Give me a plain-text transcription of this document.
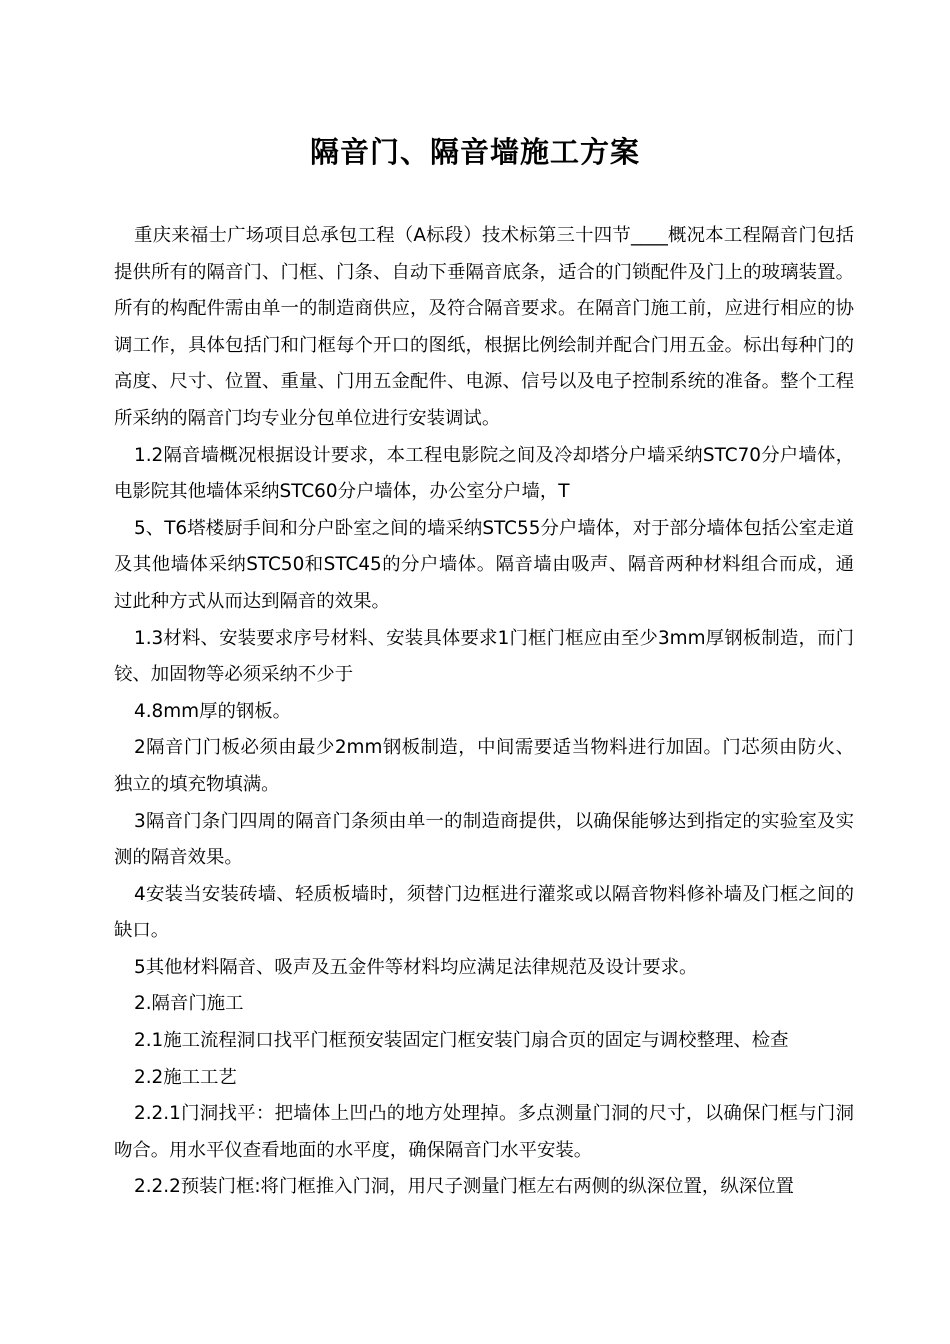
隔音门、隔音墙施工方案

重庆来福士广场项目总承包工程（A标段）技术标第三十四节____概况本工程隔音门包括提供所有的隔音门、门框、门条、自动下垂隔音底条，适合的门锁配件及门上的玻璃装置。所有的构配件需由单一的制造商供应，及符合隔音要求。在隔音门施工前，应进行相应的协调工作，具体包括门和门框每个开口的图纸，根据比例绘制并配合门用五金。标出每种门的高度、尺寸、位置、重量、门用五金配件、电源、信号以及电子控制系统的准备。整个工程所采纳的隔音门均专业分包单位进行安装调试。

1.2隔音墙概况根据设计要求，本工程电影院之间及冷却塔分户墙采纳STC70分户墙体，电影院其他墙体采纳STC60分户墙体，办公室分户墙，T

5、T6塔楼厨手间和分户卧室之间的墙采纳STC55分户墙体，对于部分墙体包括公室走道及其他墙体采纳STC50和STC45的分户墙体。隔音墙由吸声、隔音两种材料组合而成，通过此种方式从而达到隔音的效果。

1.3材料、安装要求序号材料、安装具体要求1门框门框应由至少3mm厚钢板制造，而门铰、加固物等必须采纳不少于

4.8mm厚的钢板。

2隔音门门板必须由最少2mm钢板制造，中间需要适当物料进行加固。门芯须由防火、独立的填充物填满。

3隔音门条门四周的隔音门条须由单一的制造商提供，以确保能够达到指定的实验室及实测的隔音效果。

4安装当安装砖墙、轻质板墙时，须替门边框进行灌浆或以隔音物料修补墙及门框之间的缺口。

5其他材料隔音、吸声及五金件等材料均应满足法律规范及设计要求。

2.隔音门施工

2.1施工流程洞口找平门框预安装固定门框安装门扇合页的固定与调校整理、检查

2.2施工工艺

2.2.1门洞找平：把墙体上凹凸的地方处理掉。多点测量门洞的尺寸，以确保门框与门洞吻合。用水平仪查看地面的水平度，确保隔音门水平安装。

2.2.2预装门框:将门框推入门洞，用尺子测量门框左右两侧的纵深位置，纵深位置
